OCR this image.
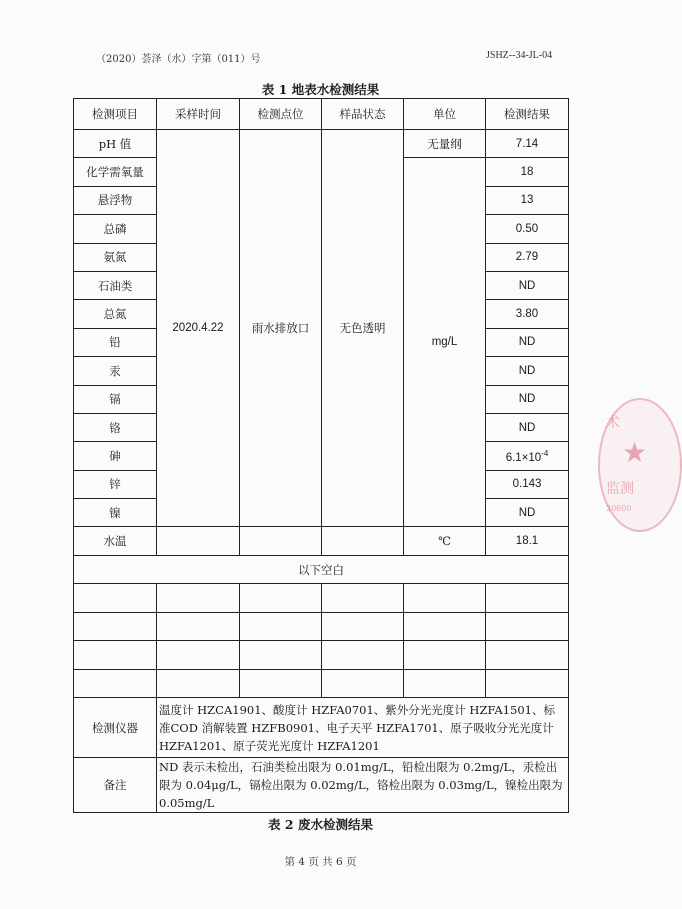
（2020）荟泽（水）字第（011）号	JSHZ--34-JL-04
表 1 地表水检测结果
检测项目	采样时间	检测点位	样品状态	单位	检测结果
pH 值	2020.4.22	雨水排放口	无色透明	无量纲	7.14
化学需氧量				mg/L	18
悬浮物					13
总磷					0.50
氨氮					2.79
石油类					ND
总氮					3.80
铅					ND
汞					ND
镉					ND
铬					ND
砷					$6.1\times 10^{-4}$
锌					0.143
镍					ND
水温				℃	18.1
以下空白					

检测仪器	温度计 HZCA1901、酸度计 HZFA0701、紫外分光光度计 HZFA1501、标准COD 消解装置 HZFB0901、电子天平 HZFA1701、原子吸收分光光度计 HZFA1201、原子荧光光度计 HZFA1201				
备注	ND 表示未检出，石油类检出限为 0.01mg/L，铅检出限为 0.2mg/L，汞检出限为 0.04μg/L，镉检出限为 0.02mg/L，铬检出限为 0.03mg/L，镍检出限为 0.05mg/L				
表 2 废水检测结果
第 4 页 共 6 页
术
★
监测
20600
